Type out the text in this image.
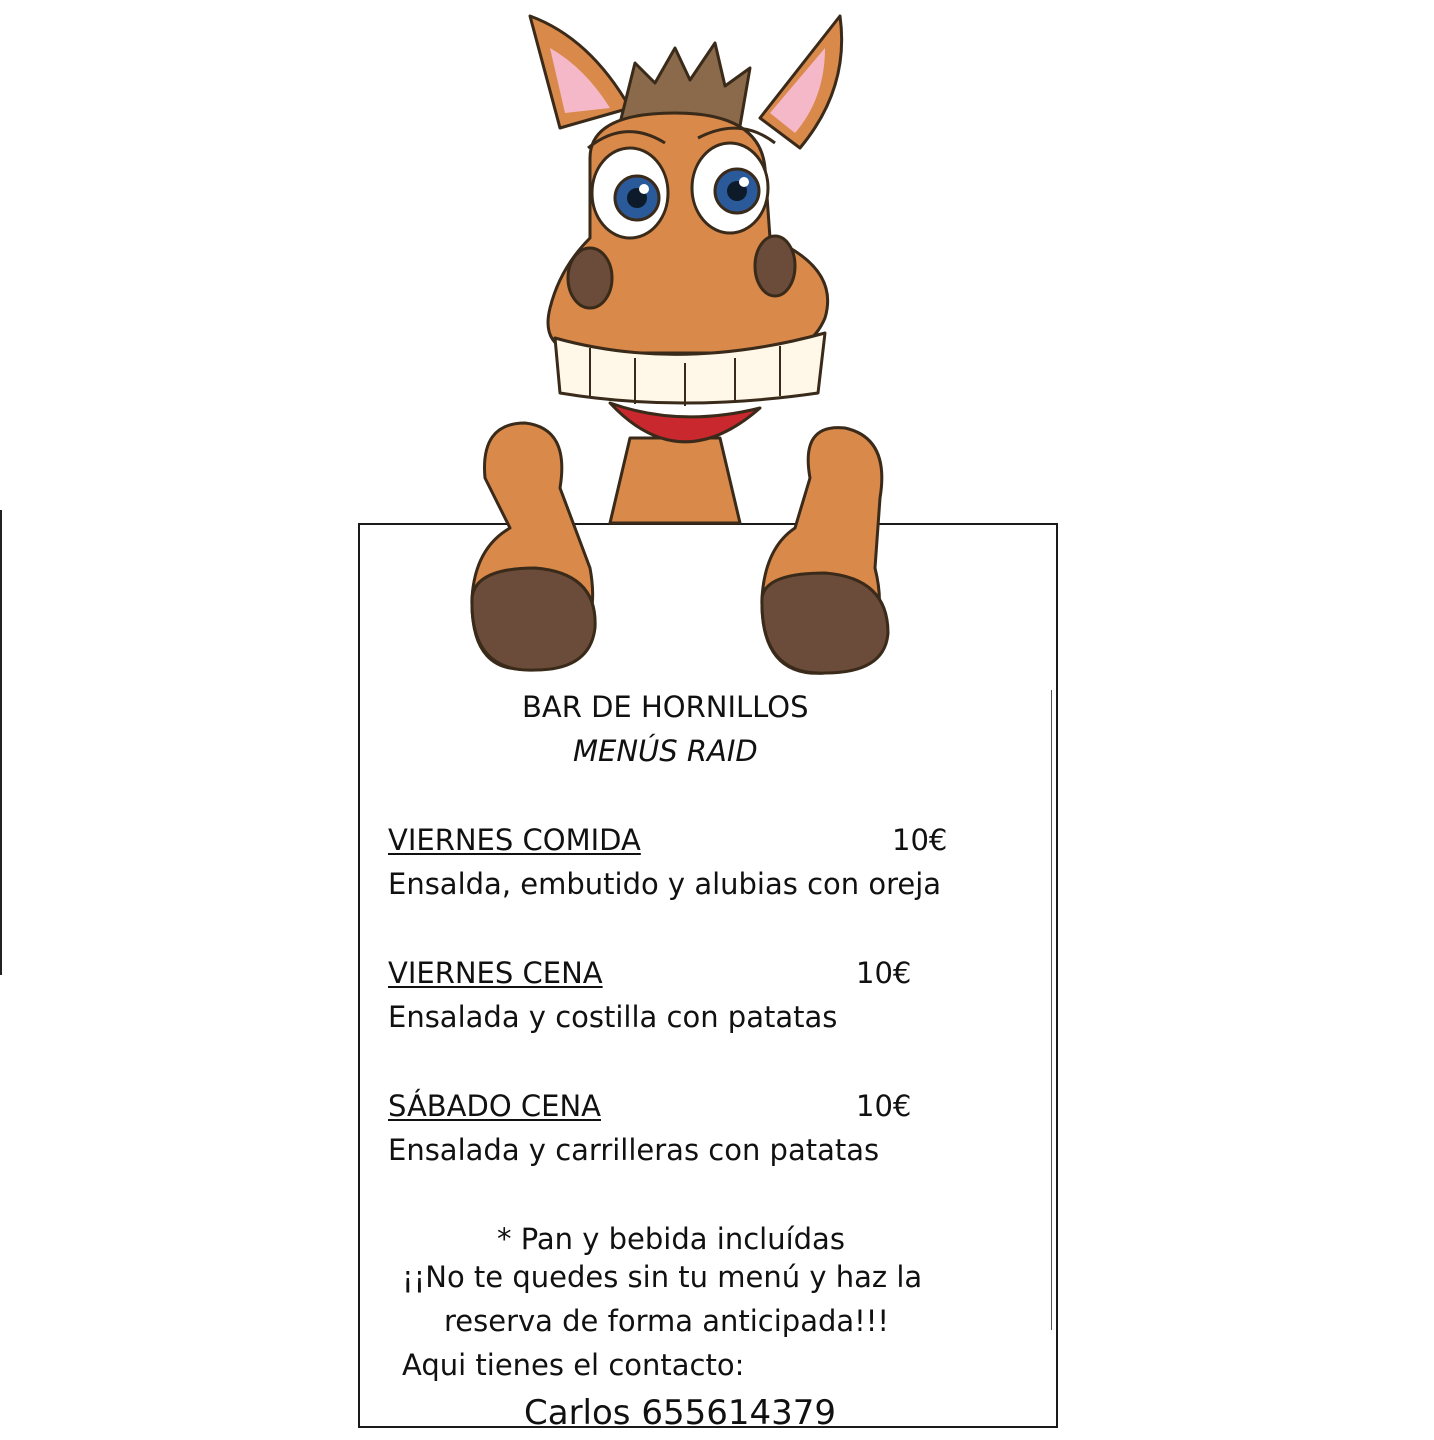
BAR DE HORNILLOS
MENÚS RAID
VIERNES COMIDA	10€
Ensalda, embutido y alubias con oreja
VIERNES CENA	10€
Ensalada y costilla con patatas
SÁBADO CENA	10€
Ensalada y carrilleras con patatas
* Pan y bebida incluídas
¡¡No te quedes sin tu menú y haz la
reserva de forma anticipada!!!
Aqui tienes el contacto:
Carlos 655614379
